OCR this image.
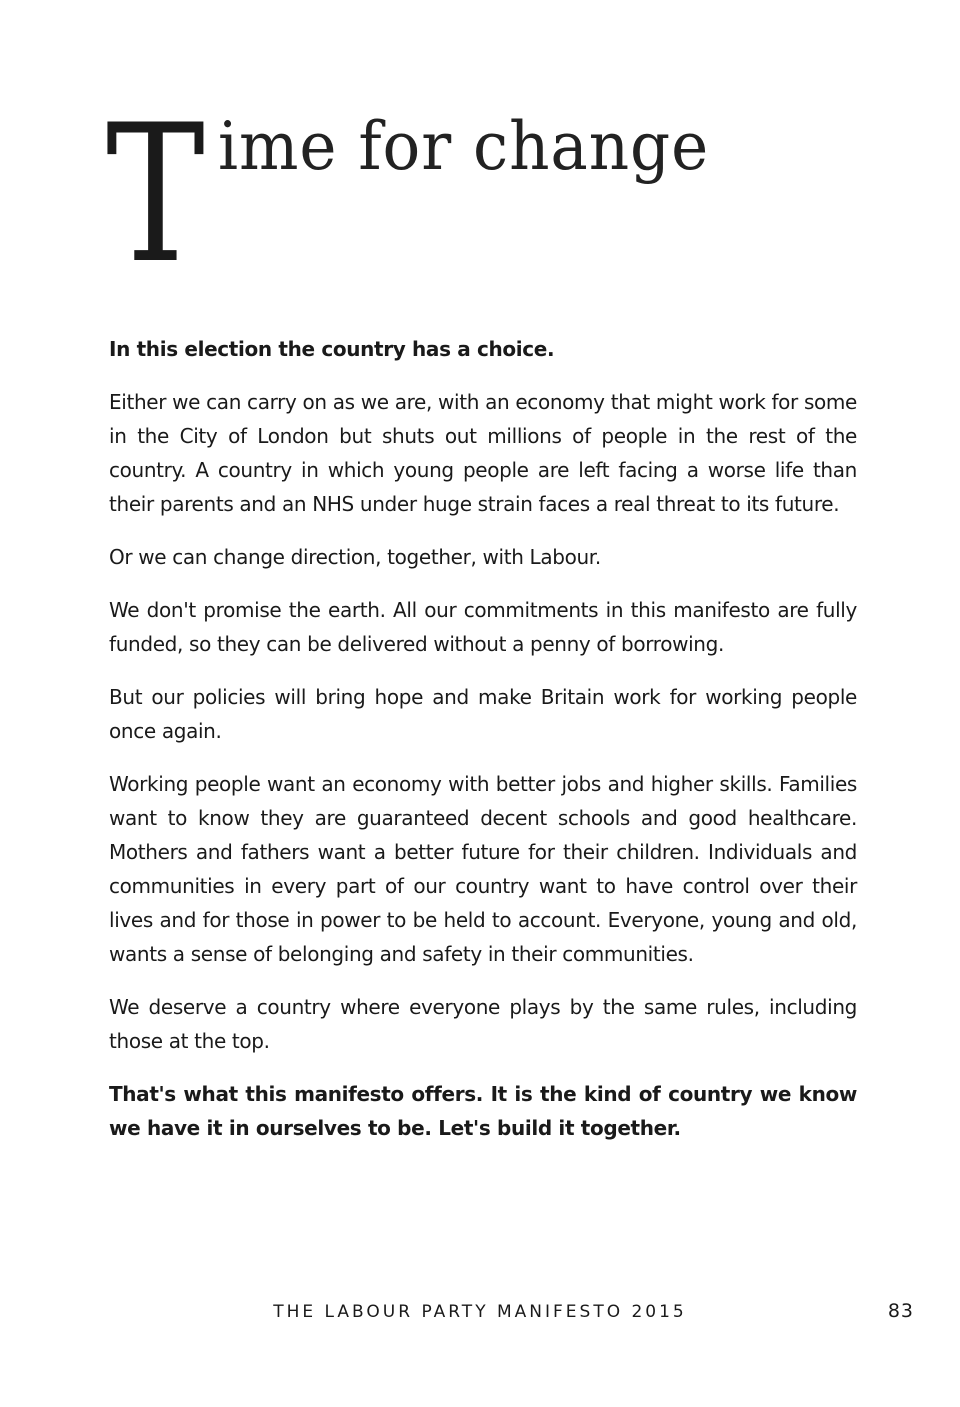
T ime for change

In this election the country has a choice.

Either we can carry on as we are, with an economy that might work for some in the City of London but shuts out millions of people in the rest of the country. A country in which young people are left facing a worse life than their parents and an NHS under huge strain faces a real threat to its future.

Or we can change direction, together, with Labour.

We don't promise the earth. All our commitments in this manifesto are fully funded, so they can be delivered without a penny of borrowing.

But our policies will bring hope and make Britain work for working people once again.

Working people want an economy with better jobs and higher skills. Families want to know they are guaranteed decent schools and good healthcare. Mothers and fathers want a better future for their children. Individuals and communities in every part of our country want to have control over their lives and for those in power to be held to account. Everyone, young and old, wants a sense of belonging and safety in their communities.

We deserve a country where everyone plays by the same rules, including those at the top.

That's what this manifesto offers. It is the kind of country we know we have it in ourselves to be. Let's build it together.

THE LABOUR PARTY MANIFESTO 2015	83
